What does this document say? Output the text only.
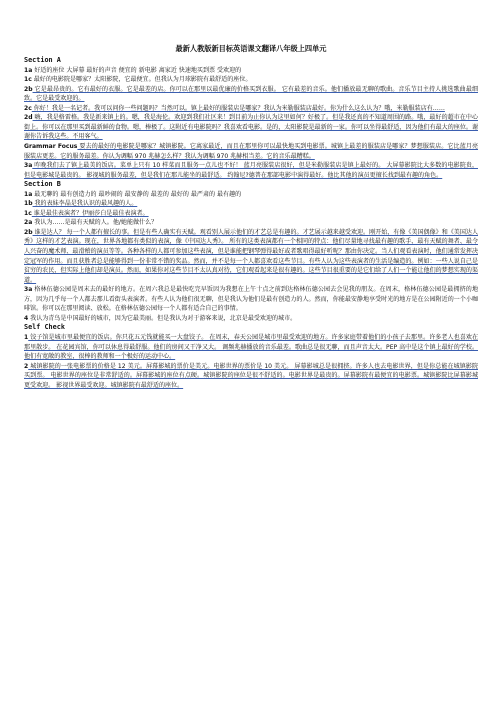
最新人教版新目标英语课文翻译八年级上四单元
Section A
1a 好适的座位 大屏幕 最好的声音 便宜的 新电影 离家近 快速地买到票 受欢迎的
1c 最好的电影院是哪家？太阳影院，它最便宜。但我认为月球影院有最舒适的座位。
2b 它是最昂贵的。它有最好的衣服。它是最差的店。你可以在那里以最优廉的价格买到衣服。 它有最差的音乐。他们播放最无聊的歌曲。音乐节目主持人挑选歌曲最细致。它是最受欢迎的。
2c 你好！我是一名记者。我可以问你一些问题吗？当然可以。镇上最好的服装店是哪家？我认为米勒服装店最好。你为什么这么认为？哦，米勒服装店有……
2d 嗨，我是格雷格。我是新来镇上的。嗯，我是海伦。欢迎到我们社区来！到目前为止你认为这里如何？好极了。但是我还真的不知道周围的路。哦，最好的超市在中心街上。你可以在那里买到最新鲜的食物。嗯，棒极了。这附近有电影院吗？我喜欢看电影。是的，太阳影院是最新的一家。你可以坐得最舒适，因为他们有最大的座位。谢谢你告诉我这些。不用客气。
Grammar Focus 要去的最好的电影院是哪家？城镇影院。它离家最近，而且在那里你可以最快地买到电影票。城镇上最差的服装店是哪家？梦想服装店。它比蓝月亮服装店更差。它的服务最差。你认为调幅 970 兆赫怎么样？我认为调幅 970 兆赫相当差。它的音乐最糟糕。
3a 咋晚我们去了镇上最美的饭店。菜单上只有 10 样菜而且服务一点儿也不好！ 蓝月亮服装店很好，但是米勒服装店是镇上最好的。 大屏幕影院比大多数的电影院贵，但是电影城是最贵的。 影视城的服务最差，但是我们在那儿能坐的最舒适。 约翰尼?德普在那部电影中演得最好。他比其他的演员更擅长找到最有趣的角色。
Section B
1a 最无聊的 最有创造力的 最吵闹的 最安静的 最差的 最好的 最严肃的 最有趣的
1b 我的表妹李晶是我认识的最风趣的人。
1c 谁是最佳表演者？伊丽莎白是最佳表演者。
2a 我认为……是最有天赋的人。他/她能做什么？
2b 谁是达人？ 每一个人都有擅长的事。但是有些人确实有天赋。观看别人展示他们的才艺总是有趣的。才艺展示越来越受欢迎。刚开始，有像《美国偶像》和《美国达人秀》这样的才艺表演。现在，世界各地都有类似的表演，像《中国达人秀》。 所有的这类表演都有一个相同的特点：他们尽量地寻找最有趣的歌手、最有天赋的舞者、最令人兴奋的魔术师、最滑稽的演员等等。各种各样的人都可参加这些表演，但是谁能把钢琴弹得最好或者歌唱得最好听呢？那由你决定。当人们观看表演时，他们通常发挥决定冠军的作用。而且获胜者总是能够得到一份非常不错的奖品。然而，并不是每一个人都喜欢看这些节目。有些人认为这些表演者的生活是编造的。例如：一些人说自己是贫穷的农民，但实际上他们却是演员。然而，如果你对这些节目不太认真对待，它们观看起来是很有趣的。这些节目很重要的是它们给了人们一个能让他们的梦想实现的渠道。
3a 格林伍德公园是周末去的最好的地方。在周六我总是最快吃完早饭因为我想在上午十点之前到达格林伍德公园去会见我的朋友。在周末，格林伍德公园是最拥挤的地方，因为几乎每一个人都去那儿看街头表演者。有些人认为他们很无聊，但是我认为他们是最有创造力的人。然而，你能最安静地享受时光的地方是在公园附近的一个小咖啡馆。你可以在那里阅读、放松。在格林伍德公园每一个人都有适合自己的事情。
4 我认为青鸟是中国最好的城市，因为它最美丽。但是我认为对于游客来说，北京是最受欢迎的城市。
Self Check
1 饺子馆是城市里最便宜的饭店。你只花五元钱就能买一大盘饺子。 在周末，春天公园是城市里最受欢迎的地方。许多家庭带着他们的小孩子去那里。许多老人也喜欢在那里散步。 在花园宾馆，你可以休息得最舒服。他们的房间又干净又大。 调频兆赫播放的音乐最差。歌曲总是很无聊，而且声音太大。PEP 高中是这个镇上最好的学校。他们有宽敞的教室，很棒的教师和一个极好的运动中心。
2 城镇影院的一张电影票的价格是 12 美元。屏幕影城的票价是美元。电影世界的票价是 10 美元。 屏幕影城总是很拥挤。许多人也去电影世界，但是你总能在城镇影院买到票。 电影世界的座位是非常舒适的。屏幕影城的座位有点硬。城镇影院的座位是很不舒适的。电影世界是最贵的。屏幕影院有最便宜的电影票。城镇影院比屏幕影城更受欢迎。 影视世界最受欢迎。城镇影院有最舒适的座位。
